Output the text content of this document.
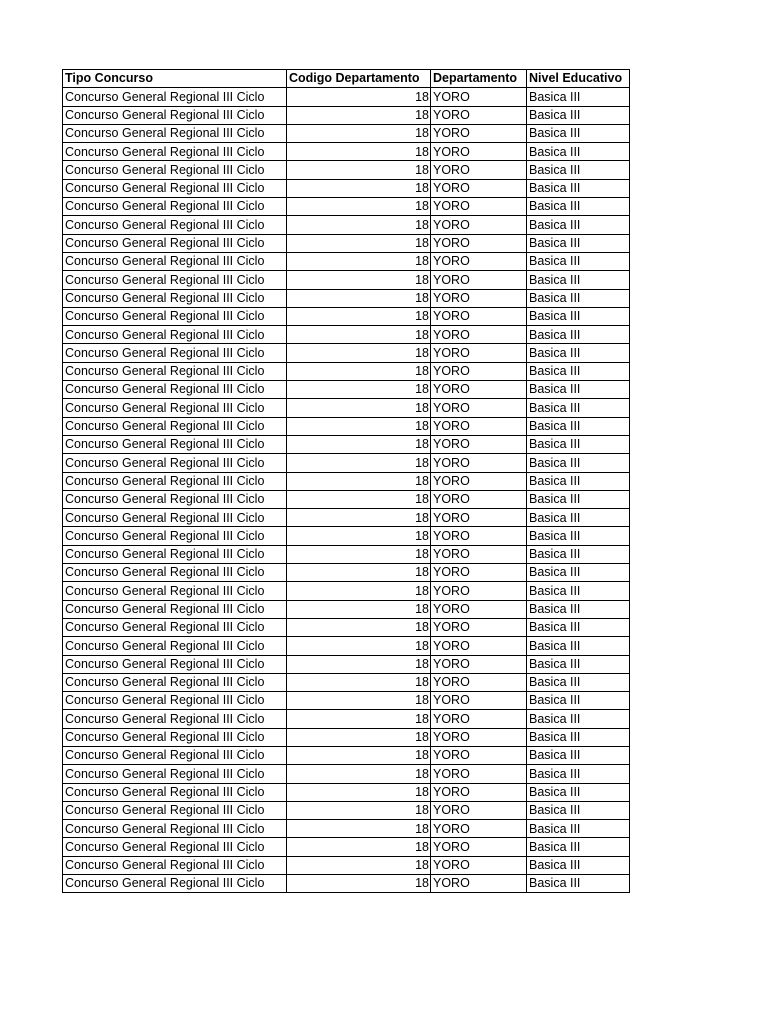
Tipo Concurso	Codigo Departamento	Departamento	Nivel Educativo
Concurso General Regional III Ciclo	18	YORO	Basica III
Concurso General Regional III Ciclo	18	YORO	Basica III
Concurso General Regional III Ciclo	18	YORO	Basica III
Concurso General Regional III Ciclo	18	YORO	Basica III
Concurso General Regional III Ciclo	18	YORO	Basica III
Concurso General Regional III Ciclo	18	YORO	Basica III
Concurso General Regional III Ciclo	18	YORO	Basica III
Concurso General Regional III Ciclo	18	YORO	Basica III
Concurso General Regional III Ciclo	18	YORO	Basica III
Concurso General Regional III Ciclo	18	YORO	Basica III
Concurso General Regional III Ciclo	18	YORO	Basica III
Concurso General Regional III Ciclo	18	YORO	Basica III
Concurso General Regional III Ciclo	18	YORO	Basica III
Concurso General Regional III Ciclo	18	YORO	Basica III
Concurso General Regional III Ciclo	18	YORO	Basica III
Concurso General Regional III Ciclo	18	YORO	Basica III
Concurso General Regional III Ciclo	18	YORO	Basica III
Concurso General Regional III Ciclo	18	YORO	Basica III
Concurso General Regional III Ciclo	18	YORO	Basica III
Concurso General Regional III Ciclo	18	YORO	Basica III
Concurso General Regional III Ciclo	18	YORO	Basica III
Concurso General Regional III Ciclo	18	YORO	Basica III
Concurso General Regional III Ciclo	18	YORO	Basica III
Concurso General Regional III Ciclo	18	YORO	Basica III
Concurso General Regional III Ciclo	18	YORO	Basica III
Concurso General Regional III Ciclo	18	YORO	Basica III
Concurso General Regional III Ciclo	18	YORO	Basica III
Concurso General Regional III Ciclo	18	YORO	Basica III
Concurso General Regional III Ciclo	18	YORO	Basica III
Concurso General Regional III Ciclo	18	YORO	Basica III
Concurso General Regional III Ciclo	18	YORO	Basica III
Concurso General Regional III Ciclo	18	YORO	Basica III
Concurso General Regional III Ciclo	18	YORO	Basica III
Concurso General Regional III Ciclo	18	YORO	Basica III
Concurso General Regional III Ciclo	18	YORO	Basica III
Concurso General Regional III Ciclo	18	YORO	Basica III
Concurso General Regional III Ciclo	18	YORO	Basica III
Concurso General Regional III Ciclo	18	YORO	Basica III
Concurso General Regional III Ciclo	18	YORO	Basica III
Concurso General Regional III Ciclo	18	YORO	Basica III
Concurso General Regional III Ciclo	18	YORO	Basica III
Concurso General Regional III Ciclo	18	YORO	Basica III
Concurso General Regional III Ciclo	18	YORO	Basica III
Concurso General Regional III Ciclo	18	YORO	Basica III
